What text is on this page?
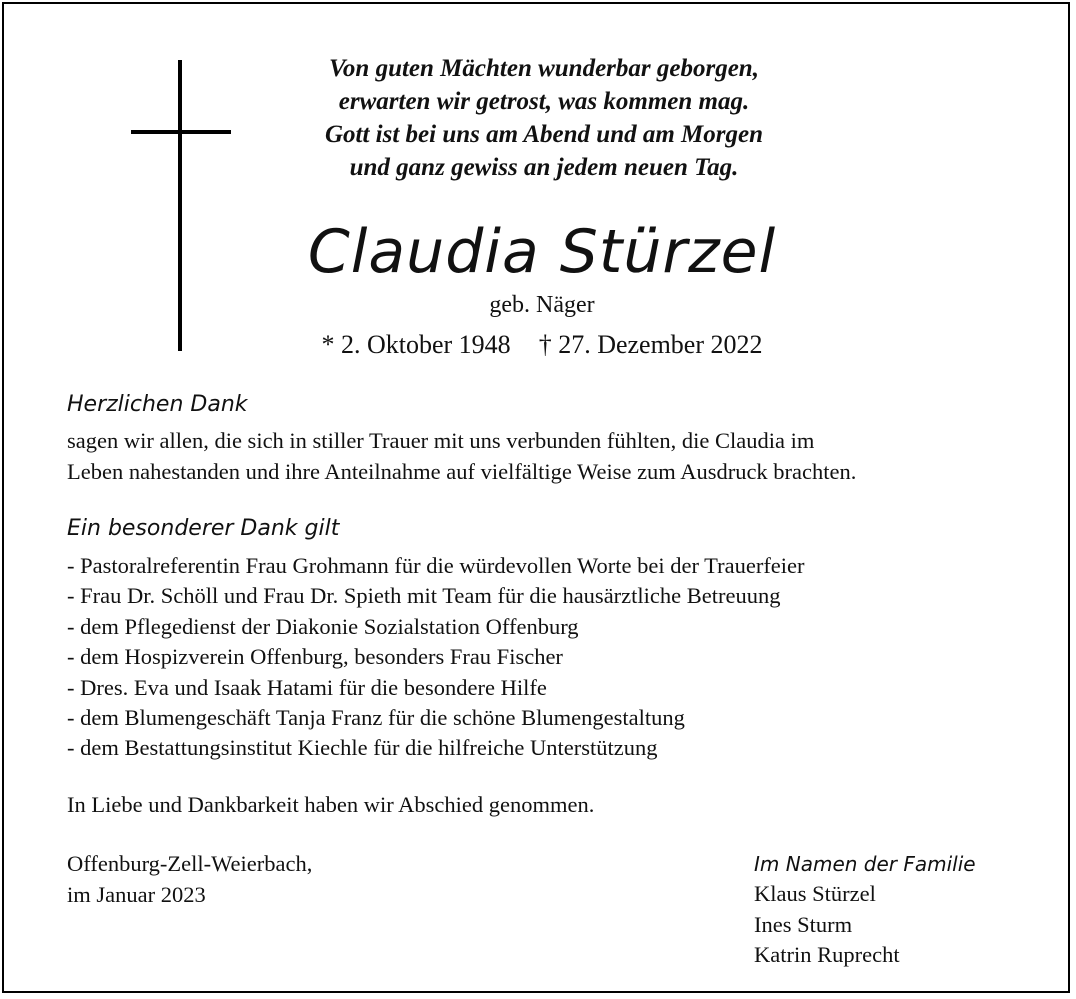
Von guten Mächten wunderbar geborgen,
erwarten wir getrost, was kommen mag.
Gott ist bei uns am Abend und am Morgen
und ganz gewiss an jedem neuen Tag.
Claudia Stürzel
geb. Näger
* 2. Oktober 1948 † 27. Dezember 2022
Herzlichen Dank
sagen wir allen, die sich in stiller Trauer mit uns verbunden fühlten, die Claudia im
Leben nahestanden und ihre Anteilnahme auf vielfältige Weise zum Ausdruck brachten.
Ein besonderer Dank gilt
- Pastoralreferentin Frau Grohmann für die würdevollen Worte bei der Trauerfeier
- Frau Dr. Schöll und Frau Dr. Spieth mit Team für die hausärztliche Betreuung
- dem Pflegedienst der Diakonie Sozialstation Offenburg
- dem Hospizverein Offenburg, besonders Frau Fischer
- Dres. Eva und Isaak Hatami für die besondere Hilfe
- dem Blumengeschäft Tanja Franz für die schöne Blumengestaltung
- dem Bestattungsinstitut Kiechle für die hilfreiche Unterstützung
In Liebe und Dankbarkeit haben wir Abschied genommen.
Offenburg-Zell-Weierbach,
im Januar 2023
Im Namen der Familie
Klaus Stürzel
Ines Sturm
Katrin Ruprecht
